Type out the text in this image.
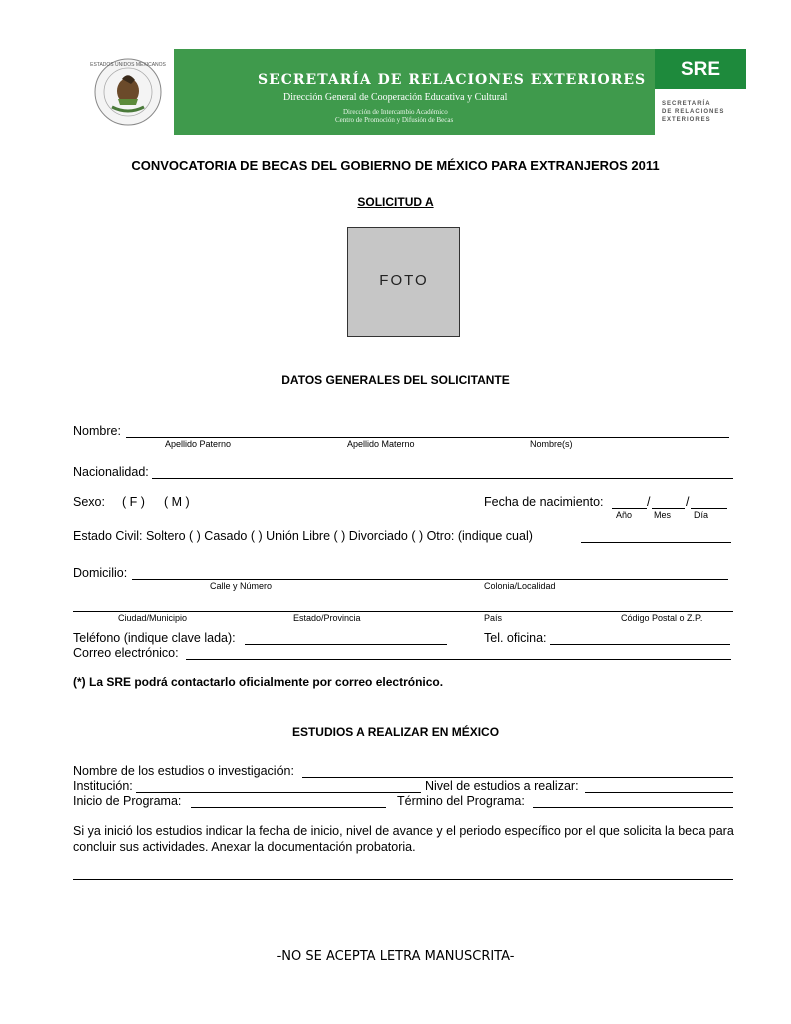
ESTADOS UNIDOS MEXICANOS
SECRETARÍA DE RELACIONES EXTERIORES
Dirección General de Cooperación Educativa y Cultural
Dirección de Intercambio Académico
Centro de Promoción y Difusión de Becas
SRE
SECRETARÍA
DE RELACIONES
EXTERIORES
CONVOCATORIA DE BECAS DEL GOBIERNO DE MÉXICO PARA EXTRANJEROS 2011
SOLICITUD A
FOTO
DATOS GENERALES DEL SOLICITANTE
Nombre:
Apellido Paterno	Apellido Materno	Nombre(s)
Nacionalidad:
Sexo: ( F ) ( M )	Fecha de nacimiento:	/	/
Año Mes	Día
Estado Civil: Soltero ( ) Casado ( ) Unión Libre ( ) Divorciado ( ) Otro: (indique cual)
Domicilio:
Calle y Número	Colonia/Localidad
Ciudad/Municipio	Estado/Provincia	País	Código Postal o Z.P.
Teléfono (indique clave lada):	Tel. oficina:
Correo electrónico:
(*) La SRE podrá contactarlo oficialmente por correo electrónico.
ESTUDIOS A REALIZAR EN MÉXICO
Nombre de los estudios o investigación:
Institución:	Nivel de estudios a realizar:
Inicio de Programa:	Término del Programa:
Si ya inició los estudios indicar la fecha de inicio, nivel de avance y el periodo específico por el que solicita la beca para concluir sus actividades. Anexar la documentación probatoria.
-NO SE ACEPTA LETRA MANUSCRITA-
